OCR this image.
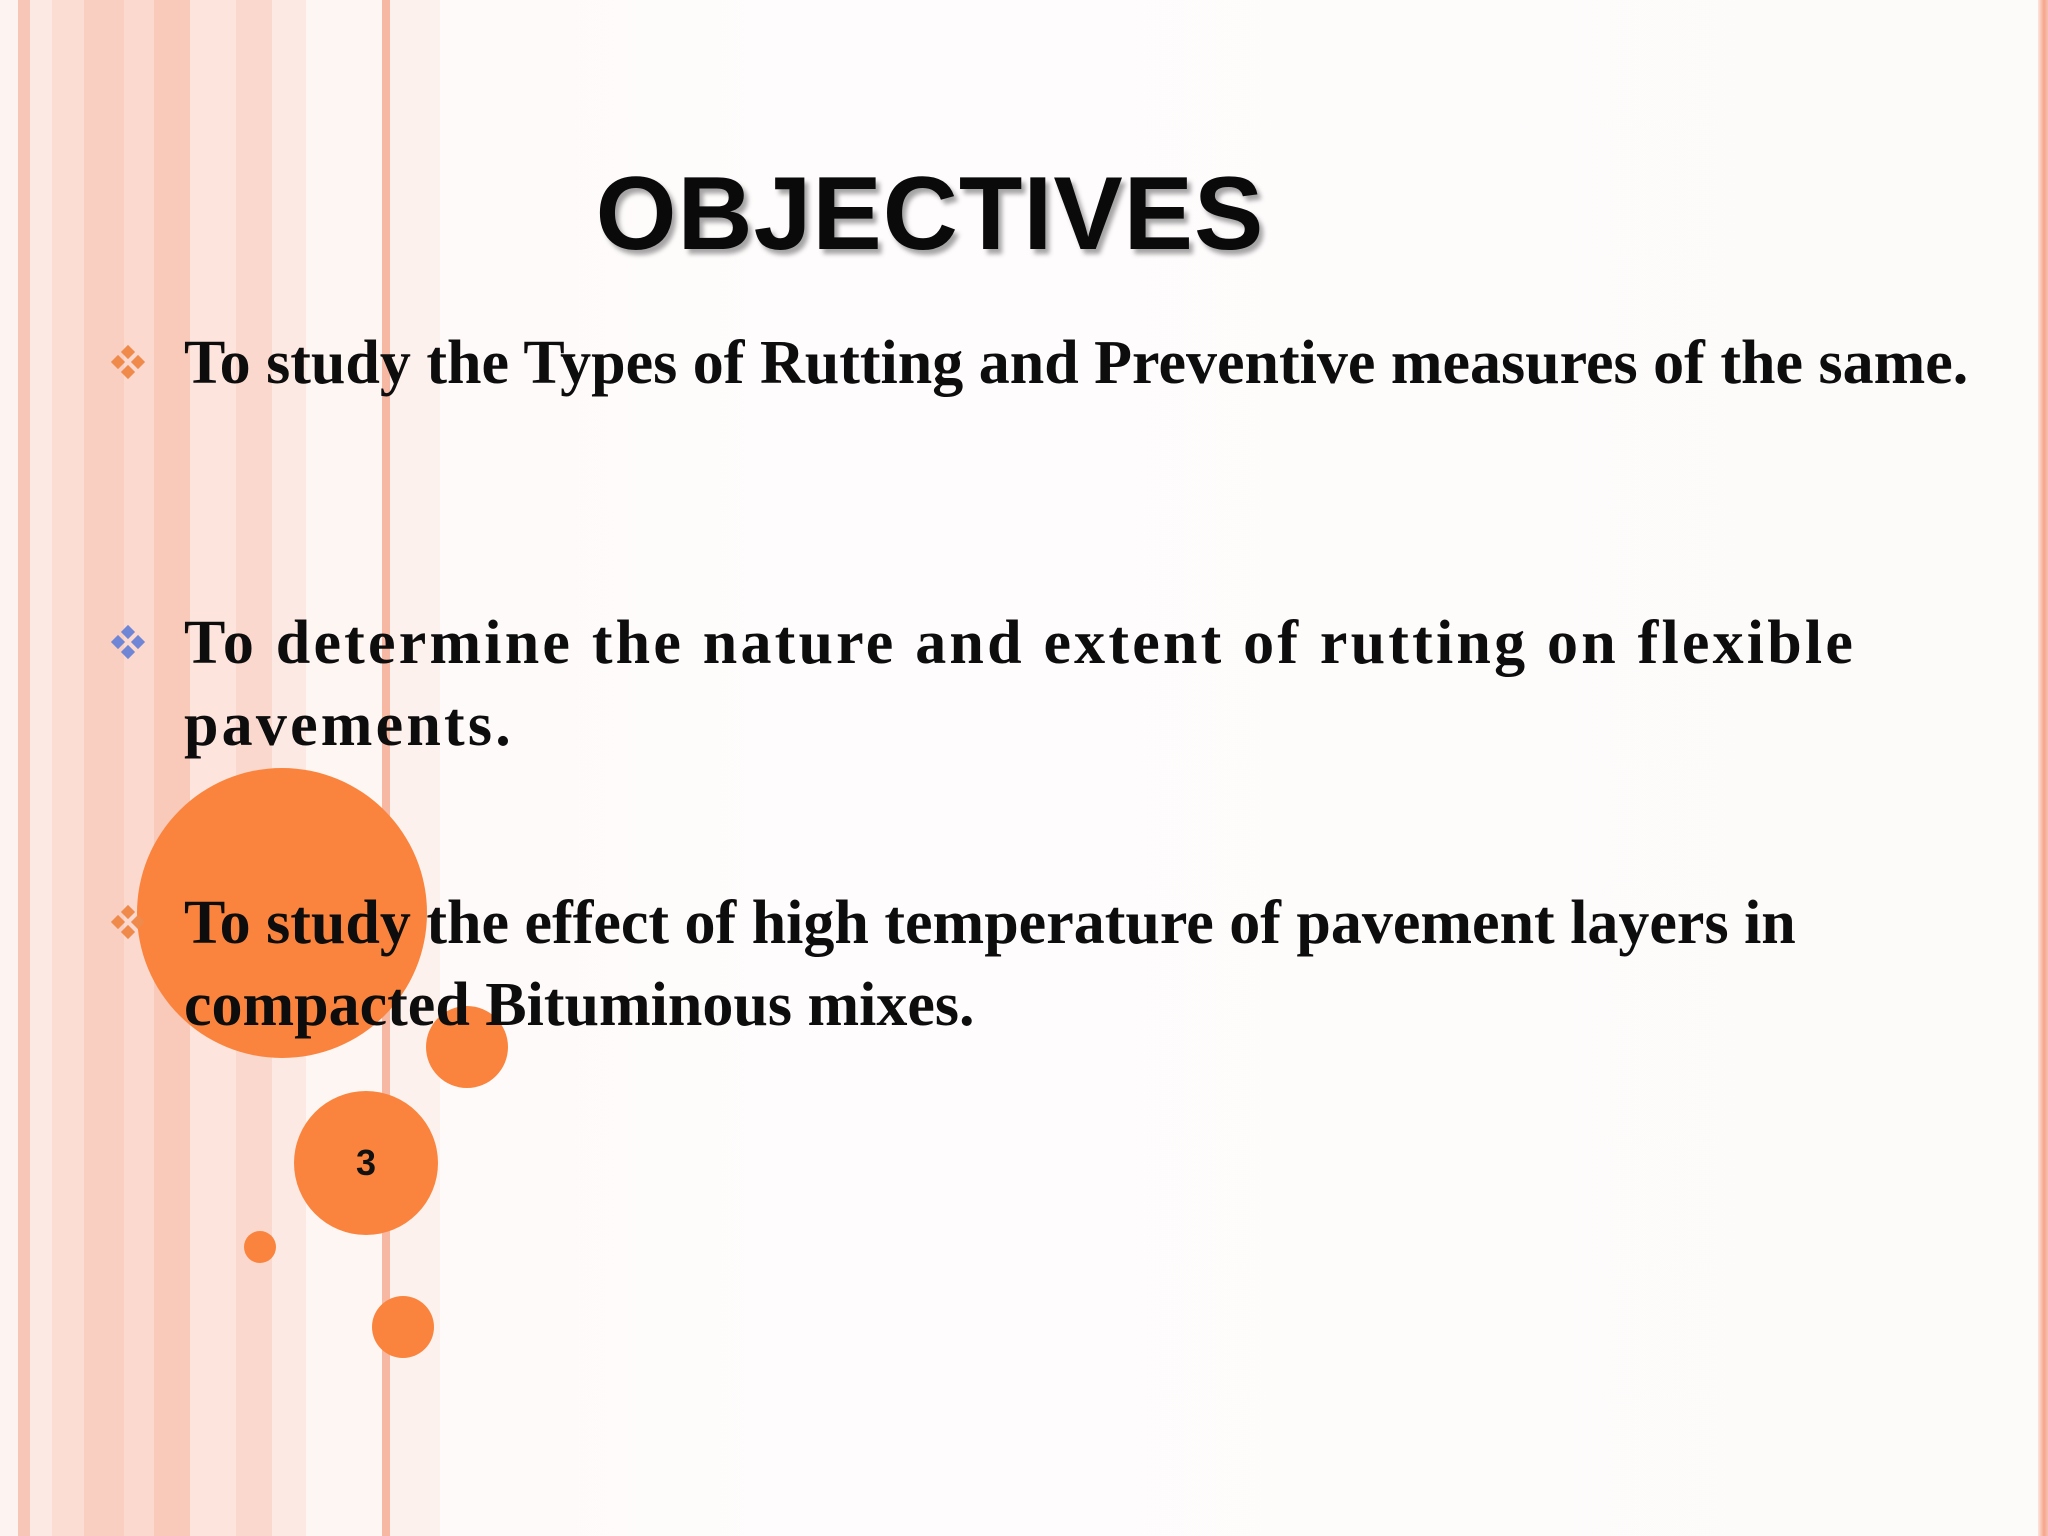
3
OBJECTIVES
To study the Types of Rutting and Preventive measures of the same.
To determine the nature and extent of rutting on flexible pavements.
To study the effect of high temperature of pavement layers in compacted Bituminous mixes.
